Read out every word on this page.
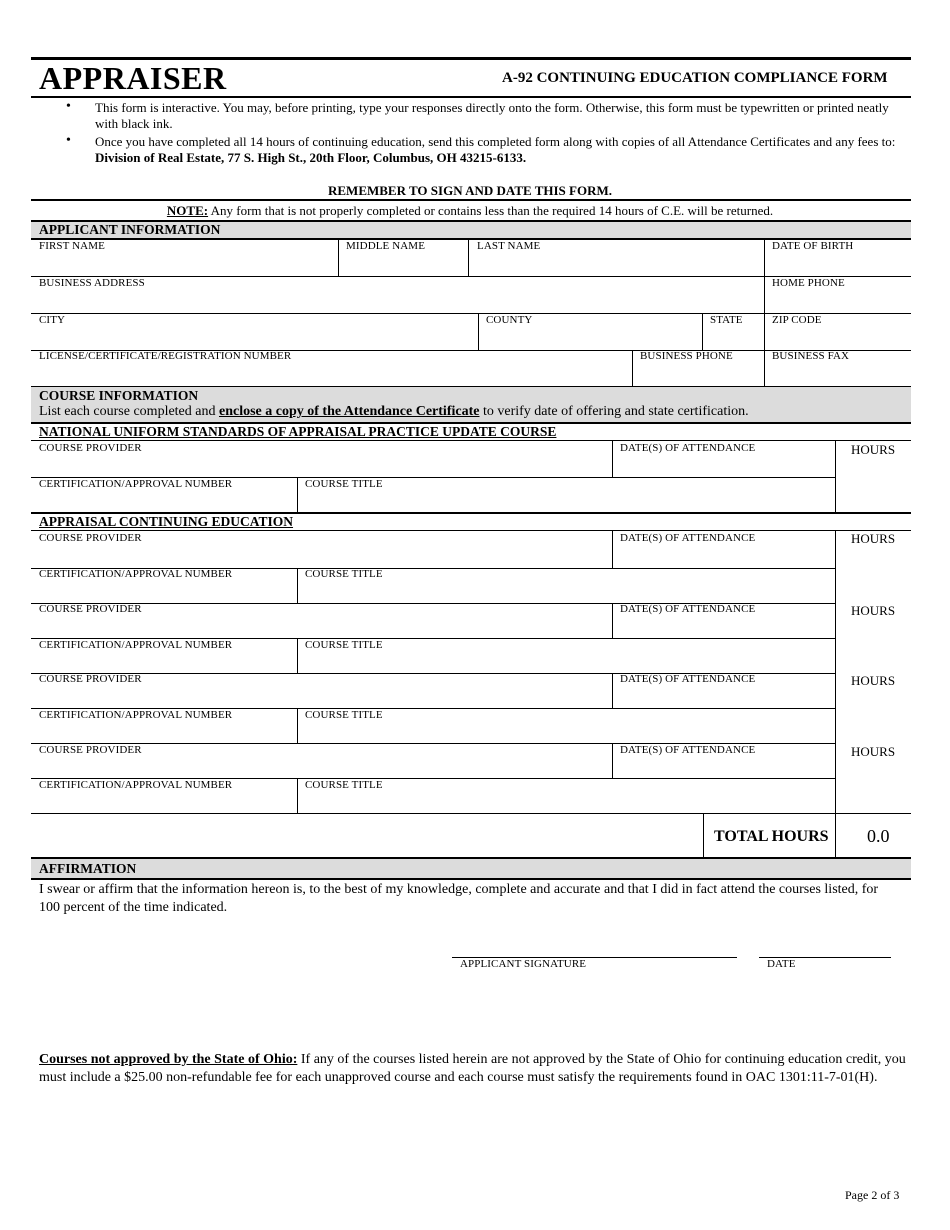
APPRAISER	A-92 CONTINUING EDUCATION COMPLIANCE FORM
• This form is interactive. You may, before printing, type your responses directly onto the form. Otherwise, this form must be typewritten or printed neatly with black ink.
• Once you have completed all 14 hours of continuing education, send this completed form along with copies of all Attendance Certificates and any fees to: Division of Real Estate, 77 S. High St., 20th Floor, Columbus, OH 43215-6133.
REMEMBER TO SIGN AND DATE THIS FORM.
NOTE: Any form that is not properly completed or contains less than the required 14 hours of C.E. will be returned.
APPLICANT INFORMATION
FIRST NAME	MIDDLE NAME	LAST NAME	DATE OF BIRTH
BUSINESS ADDRESS	HOME PHONE
CITY	COUNTY	STATE	ZIP CODE
LICENSE/CERTIFICATE/REGISTRATION NUMBER	BUSINESS PHONE	BUSINESS FAX
COURSE INFORMATION
List each course completed and enclose a copy of the Attendance Certificate to verify date of offering and state certification.
NATIONAL UNIFORM STANDARDS OF APPRAISAL PRACTICE UPDATE COURSE
COURSE PROVIDER	DATE(S) OF ATTENDANCE	HOURS
CERTIFICATION/APPROVAL NUMBER	COURSE TITLE
APPRAISAL CONTINUING EDUCATION
COURSE PROVIDER	DATE(S) OF ATTENDANCE	HOURS
CERTIFICATION/APPROVAL NUMBER	COURSE TITLE
COURSE PROVIDER	DATE(S) OF ATTENDANCE	HOURS
CERTIFICATION/APPROVAL NUMBER	COURSE TITLE
COURSE PROVIDER	DATE(S) OF ATTENDANCE	HOURS
CERTIFICATION/APPROVAL NUMBER	COURSE TITLE
COURSE PROVIDER	DATE(S) OF ATTENDANCE	HOURS
CERTIFICATION/APPROVAL NUMBER	COURSE TITLE
TOTAL HOURS 0.0
AFFIRMATION
I swear or affirm that the information hereon is, to the best of my knowledge, complete and accurate and that I did in fact attend the courses listed, for 100 percent of the time indicated.
APPLICANT SIGNATURE	DATE
Courses not approved by the State of Ohio: If any of the courses listed herein are not approved by the State of Ohio for continuing education credit, you must include a $25.00 non-refundable fee for each unapproved course and each course must satisfy the requirements found in OAC 1301:11-7-01(H).
Page 2 of 3
